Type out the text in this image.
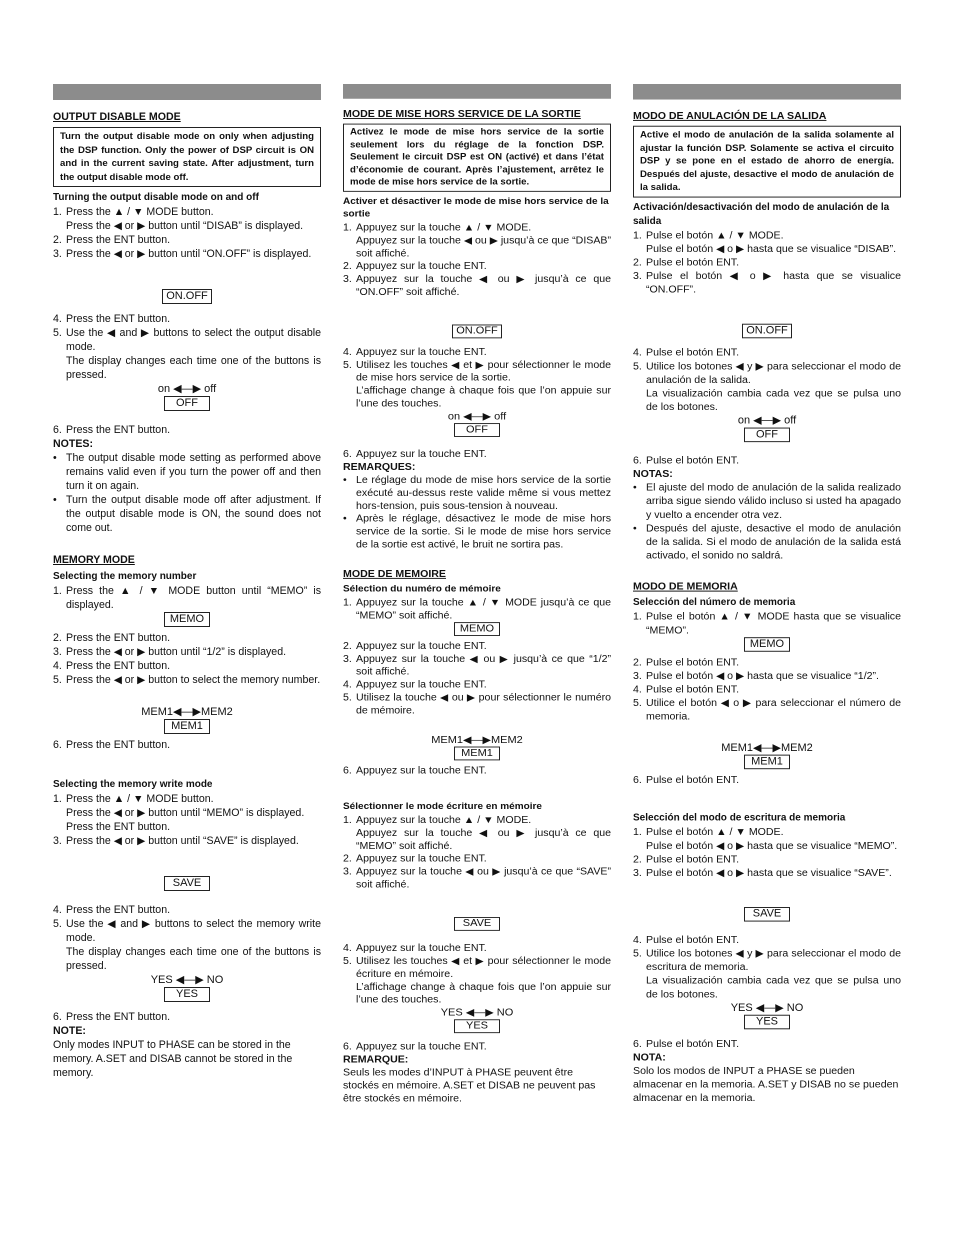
OUTPUT DISABLE MODE
Turn the output disable mode on only when adjusting the DSP function. Only the power of DSP circuit is ON and in the current saving state. After adjustment, turn the output disable mode off.
Turning the output disable mode on and off
1. Press the ▲ / ▼ MODE button.
Press the ◀ or ▶ button until “DISAB” is displayed.
2. Press the ENT button.
3. Press the ◀ or ▶ button until “ON.OFF” is displayed.
ON.OFF
4. Press the ENT button.
5. Use the ◀ and ▶ buttons to select the output disable mode.
The display changes each time one of the buttons is pressed.
on ◀—▶ off
OFF
6. Press the ENT button.
NOTES:
• The output disable mode setting as performed above remains valid even if you turn the power off and then turn it on again.
• Turn the output disable mode off after adjustment. If the output disable mode is ON, the sound does not come out.
MEMORY MODE
Selecting the memory number
1. Press the ▲ / ▼ MODE button until “MEMO” is displayed.
MEMO
2. Press the ENT button.
3. Press the ◀ or ▶ button until “1/2” is displayed.
4. Press the ENT button.
5. Press the ◀ or ▶ button to select the memory number.
MEM1◀—▶MEM2
MEM1
6. Press the ENT button.
Selecting the memory write mode
1. Press the ▲ / ▼ MODE button.
Press the ◀ or ▶ button until “MEMO” is displayed.
Press the ENT button.
3. Press the ◀ or ▶ button until “SAVE” is displayed.
SAVE
4. Press the ENT button.
5. Use the ◀ and ▶ buttons to select the memory write mode.
The display changes each time one of the buttons is pressed.
YES ◀—▶ NO
YES
6. Press the ENT button.
NOTE:
Only modes INPUT to PHASE can be stored in the memory. A.SET and DISAB cannot be stored in the memory.
MODE DE MISE HORS SERVICE DE LA SORTIE
Activez le mode de mise hors service de la sortie seulement lors du réglage de la fonction DSP. Seulement le circuit DSP est ON (activé) et dans l’état d’économie de courant. Après l’ajustement, arrêtez le mode de mise hors service de la sortie.
Activer et désactiver le mode de mise hors service de la sortie
1. Appuyez sur la touche ▲ / ▼ MODE.
Appuyez sur la touche ◀ ou ▶ jusqu’à ce que “DISAB” soit affiché.
2. Appuyez sur la touche ENT.
3. Appuyez sur la touche ◀ ou ▶ jusqu’à ce que “ON.OFF” soit affiché.
ON.OFF
4. Appuyez sur la touche ENT.
5. Utilisez les touches ◀ et ▶ pour sélectionner le mode de mise hors service de la sortie.
L’affichage change à chaque fois que l’on appuie sur l’une des touches.
on ◀—▶ off
OFF
6. Appuyez sur la touche ENT.
REMARQUES:
• Le réglage du mode de mise hors service de la sortie exécuté au-dessus reste valide même si vous mettez hors-tension, puis sous-tension à nouveau.
• Après le réglage, désactivez le mode de mise hors service de la sortie. Si le mode de mise hors service de la sortie est activé, le bruit ne sortira pas.
MODE DE MEMOIRE
Sélection du numéro de mémoire
1. Appuyez sur la touche ▲ / ▼ MODE jusqu’à ce que “MEMO” soit affiché.
MEMO
2. Appuyez sur la touche ENT.
3. Appuyez sur la touche ◀ ou ▶ jusqu’à ce que “1/2” soit affiché.
4. Appuyez sur la touche ENT.
5. Utilisez la touche ◀ ou ▶ pour sélectionner le numéro de mémoire.
MEM1◀—▶MEM2
MEM1
6. Appuyez sur la touche ENT.
Sélectionner le mode écriture en mémoire
1. Appuyez sur la touche ▲ / ▼ MODE.
Appuyez sur la touche ◀ ou ▶ jusqu’à ce que “MEMO” soit affiché.
2. Appuyez sur la touche ENT.
3. Appuyez sur la touche ◀ ou ▶ jusqu’à ce que “SAVE” soit affiché.
SAVE
4. Appuyez sur la touche ENT.
5. Utilisez les touches ◀ et ▶ pour sélectionner le mode écriture en mémoire.
L’affichage change à chaque fois que l’on appuie sur l’une des touches.
YES ◀—▶ NO
YES
6. Appuyez sur la touche ENT.
REMARQUE:
Seuls les modes d’INPUT à PHASE peuvent être stockés en mémoire. A.SET et DISAB ne peuvent pas être stockés en mémoire.
MODO DE ANULACIÓN DE LA SALIDA
Active el modo de anulación de la salida solamente al ajustar la función DSP. Solamente se activa el circuito DSP y se pone en el estado de ahorro de energía. Después del ajuste, desactive el modo de anulación de la salida.
Activación/desactivación del modo de anulación de la salida
1. Pulse el botón ▲ / ▼ MODE.
Pulse el botón ◀ o ▶ hasta que se visualice “DISAB”.
2. Pulse el botón ENT.
3. Pulse el botón ◀ o ▶ hasta que se visualice “ON.OFF”.
ON.OFF
4. Pulse el botón ENT.
5. Utilice los botones ◀ y ▶ para seleccionar el modo de anulación de la salida.
La visualización cambia cada vez que se pulsa uno de los botones.
on ◀—▶ off
OFF
6. Pulse el botón ENT.
NOTAS:
• El ajuste del modo de anulación de la salida realizado arriba sigue siendo válido incluso si usted ha apagado y vuelto a encender otra vez.
• Después del ajuste, desactive el modo de anulación de la salida. Si el modo de anulación de la salida está activado, el sonido no saldrá.
MODO DE MEMORIA
Selección del número de memoria
1. Pulse el botón ▲ / ▼ MODE hasta que se visualice “MEMO”.
MEMO
2. Pulse el botón ENT.
3. Pulse el botón ◀ o ▶ hasta que se visualice “1/2”.
4. Pulse el botón ENT.
5. Utilice el botón ◀ o ▶ para seleccionar el número de memoria.
MEM1◀—▶MEM2
MEM1
6. Pulse el botón ENT.
Selección del modo de escritura de memoria
1. Pulse el botón ▲ / ▼ MODE.
Pulse el botón ◀ o ▶ hasta que se visualice “MEMO”.
2. Pulse el botón ENT.
3. Pulse el botón ◀ o ▶ hasta que se visualice “SAVE”.
SAVE
4. Pulse el botón ENT.
5. Utilice los botones ◀ y ▶ para seleccionar el modo de escritura de memoria.
La visualización cambia cada vez que se pulsa uno de los botones.
YES ◀—▶ NO
YES
6. Pulse el botón ENT.
NOTA:
Solo los modos de INPUT a PHASE se pueden almacenar en la memoria. A.SET y DISAB no se pueden almacenar en la memoria.
